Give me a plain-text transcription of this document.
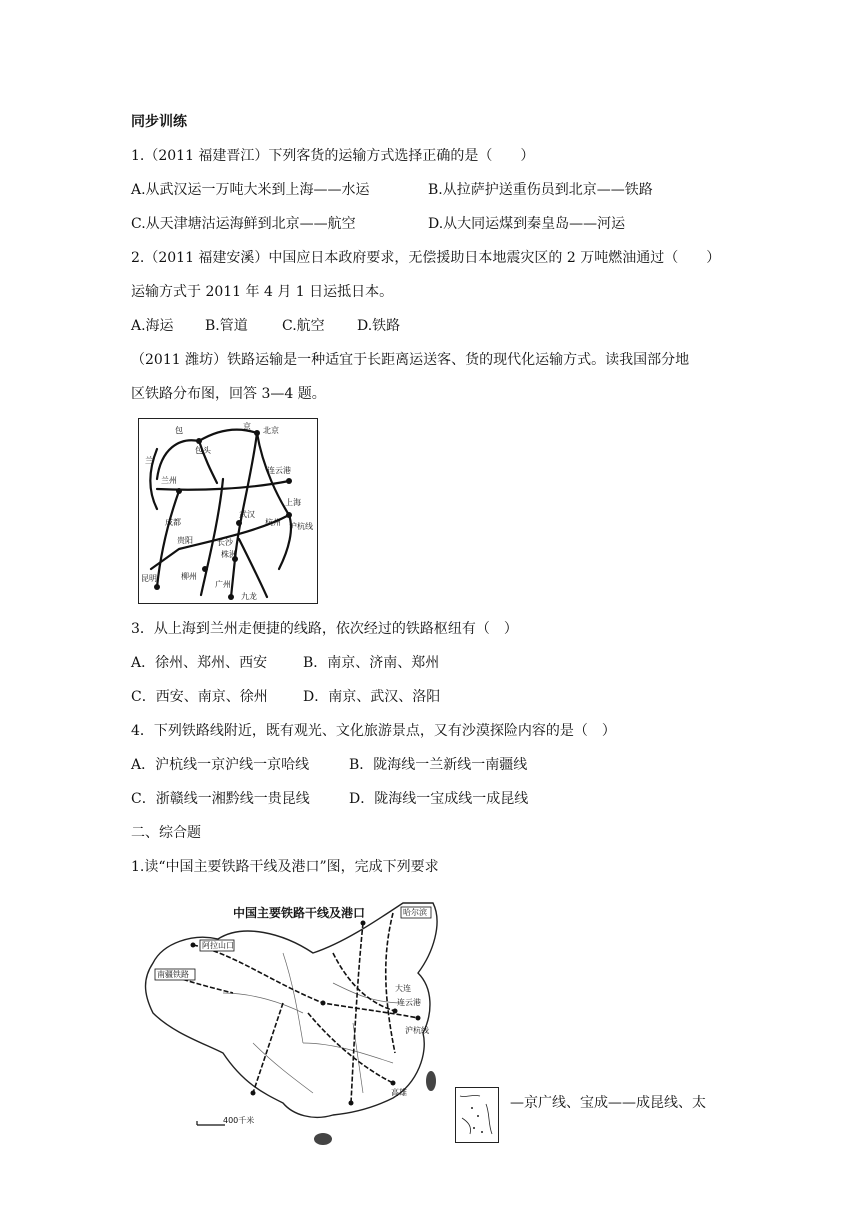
同步训练
1.（2011 福建晋江）下列客货的运输方式选择正确的是（　　）
A.从武汉运一万吨大米到上海——水运	B.从拉萨护送重伤员到北京——铁路
C.从天津塘沽运海鲜到北京——航空	D.从大同运煤到秦皇岛——河运
2.（2011 福建安溪）中国应日本政府要求，无偿援助日本地震灾区的 2 万吨燃油通过（　　）
运输方式于 2011 年 4 月 1 日运抵日本。
A.海运 B.管道 C.航空 D.铁路
（2011 潍坊）铁路运输是一种适宜于长距离运送客、货的现代化运输方式。读我国部分地
区铁路分布图，回答 3—4 题。
包	京
包头
北京
兰
连云港
兰州
上海
成都	杭州 沪杭线
武汉
长沙
贵阳
株洲
柳州
昆明
广州
九龙
3．从上海到兰州走便捷的线路，依次经过的铁路枢纽有（　）
A．徐州、郑州、西安	B．南京、济南、郑州
C．西安、南京、徐州	D．南京、武汉、洛阳
4．下列铁路线附近，既有观光、文化旅游景点，又有沙漠探险内容的是（　）
A．沪杭线一京沪线一京哈线	B．陇海线一兰新线一南疆线
C．浙赣线一湘黔线一贵昆线	D．陇海线一宝成线一成昆线
二、综合题
1.读“中国主要铁路干线及港口”图，完成下列要求
中国主要铁路干线及港口
阿拉山口
南疆铁路
哈尔滨
大连
连云港
沪杭线
高雄
400千米
—京广线、宝成——成昆线、太
